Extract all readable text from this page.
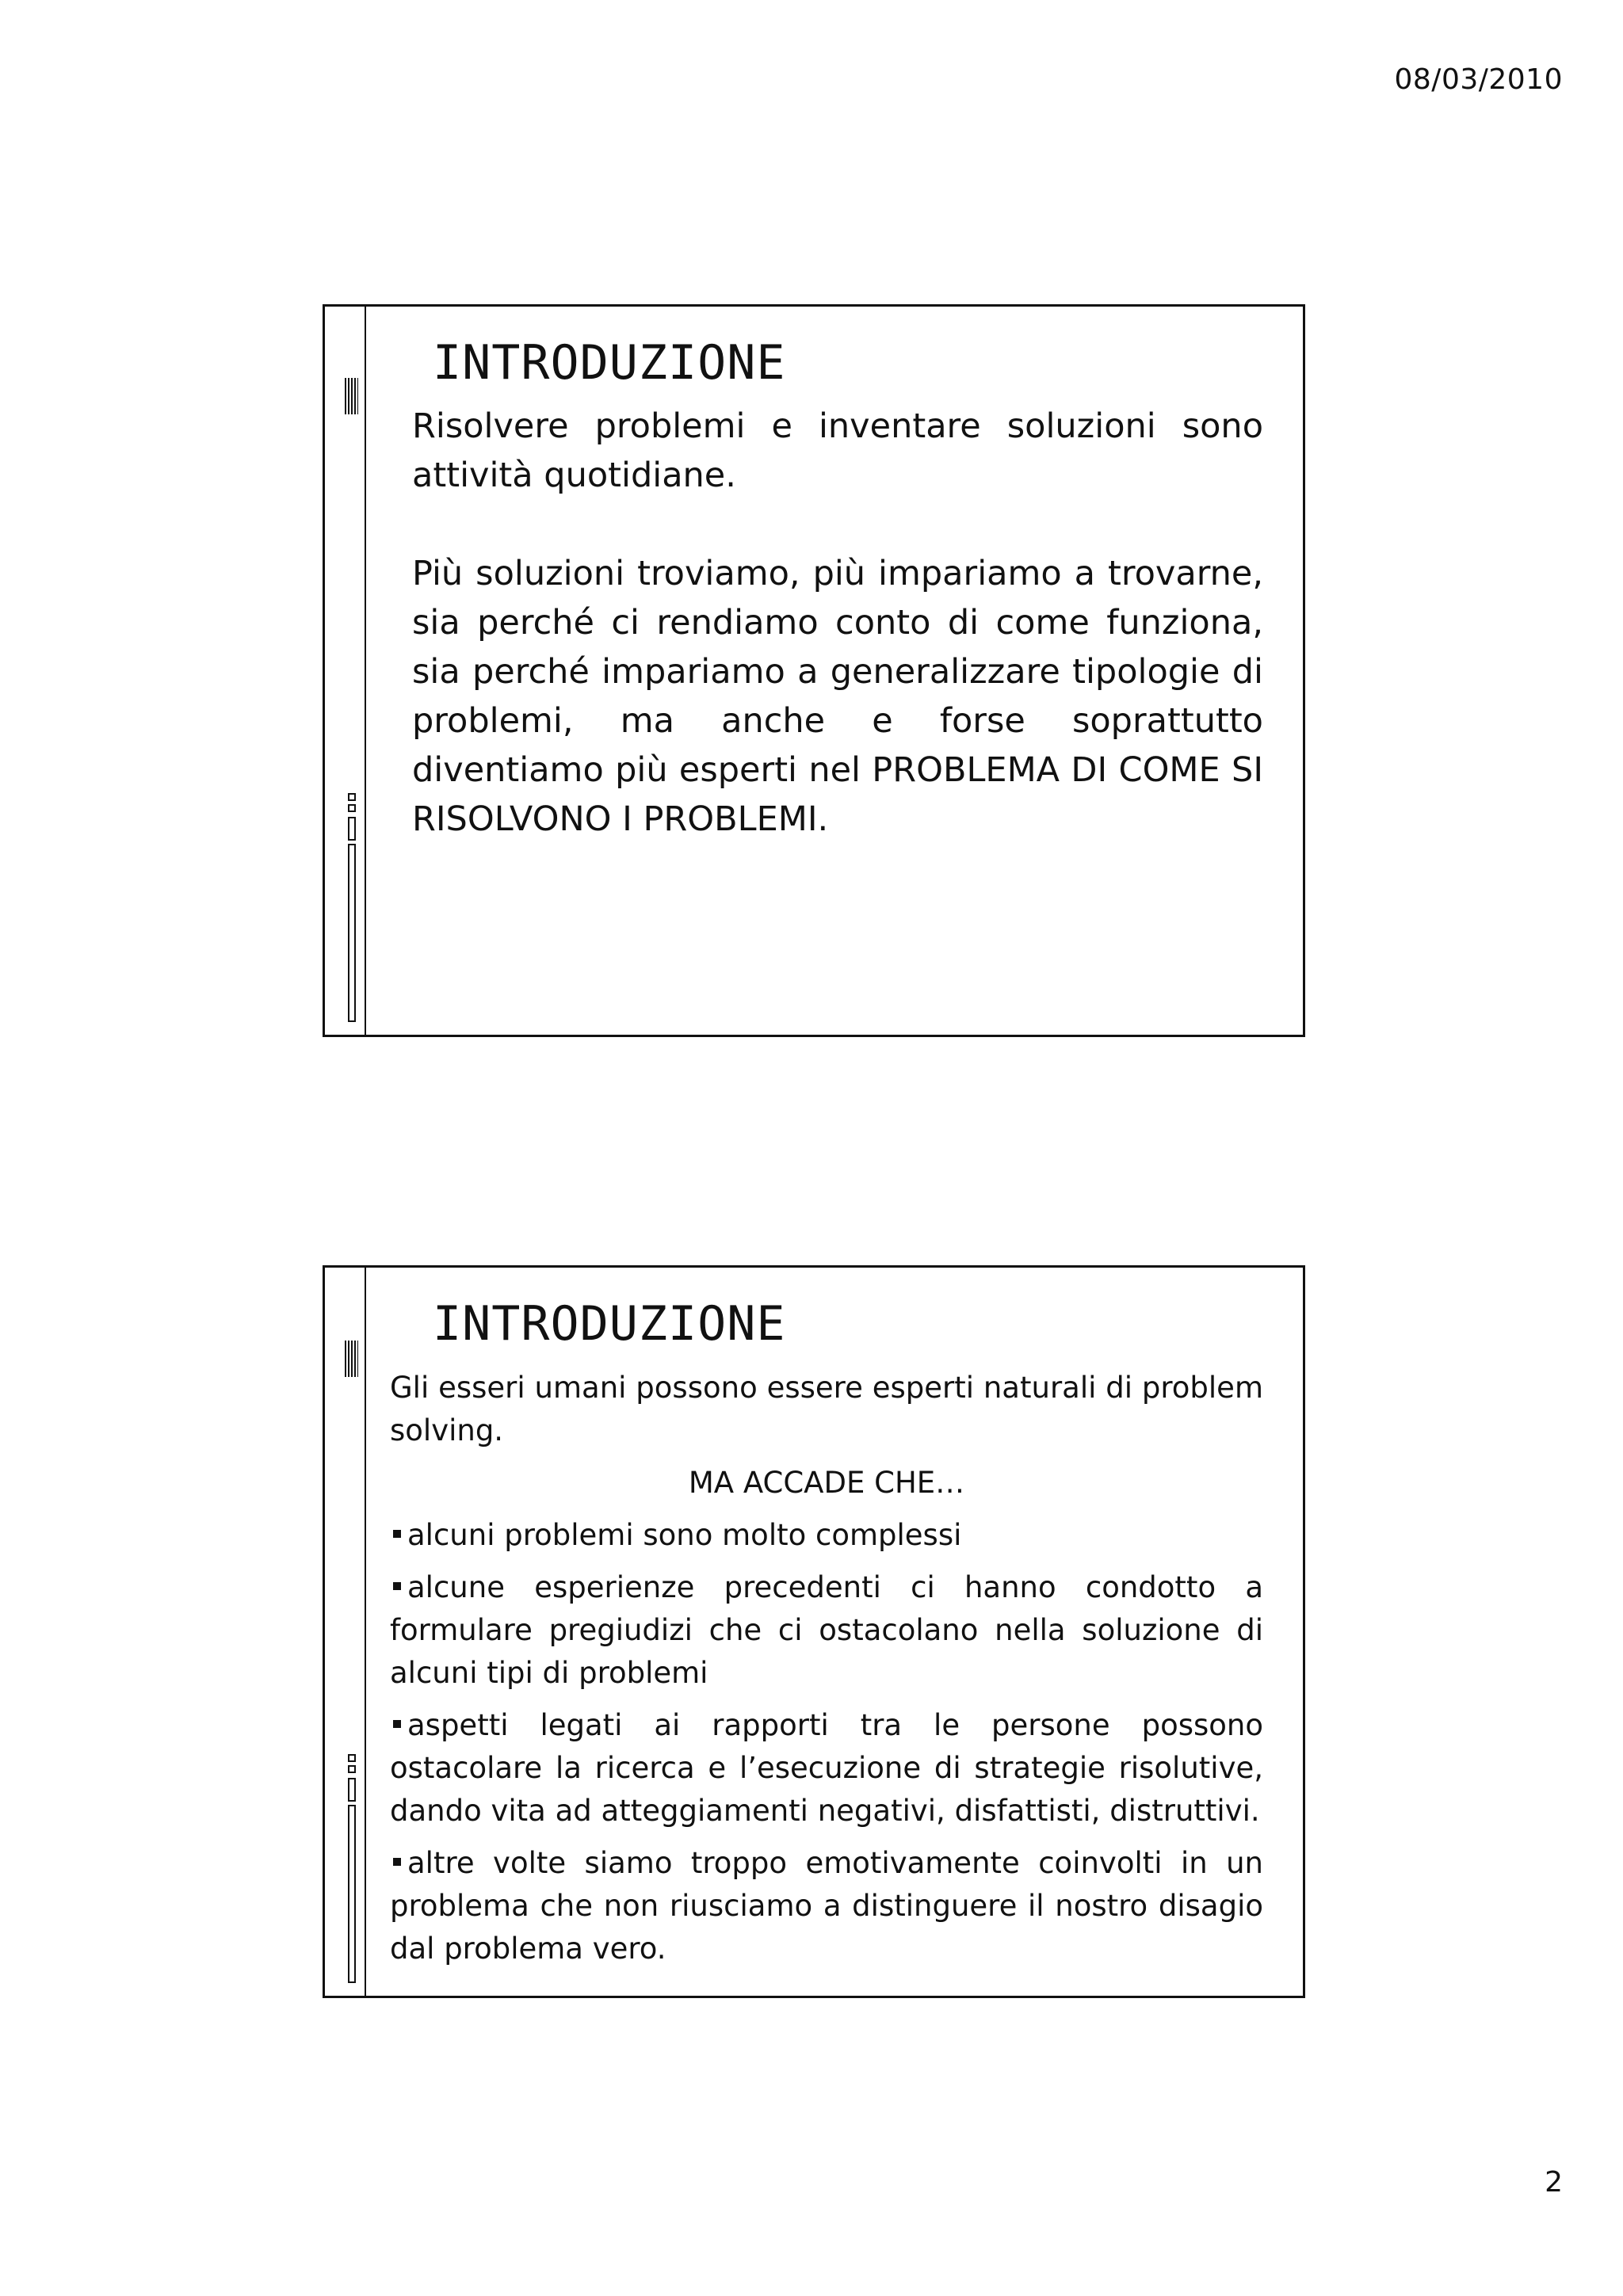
08/03/2010
INTRODUZIONE

Risolvere problemi e inventare soluzioni sono attività quotidiane.

Più soluzioni troviamo, più impariamo a trovarne, sia perché ci rendiamo conto di come funziona, sia perché impariamo a generalizzare tipologie di problemi, ma anche e forse soprattutto diventiamo più esperti nel PROBLEMA DI COME SI RISOLVONO I PROBLEMI.

INTRODUZIONE

Gli esseri umani possono essere esperti naturali di problem solving.

MA ACCADE CHE…

alcuni problemi sono molto complessi

alcune esperienze precedenti ci hanno condotto a formulare pregiudizi che ci ostacolano nella soluzione di alcuni tipi di problemi

aspetti legati ai rapporti tra le persone possono ostacolare la ricerca e l’esecuzione di strategie risolutive, dando vita ad atteggiamenti negativi, disfattisti, distruttivi.

altre volte siamo troppo emotivamente coinvolti in un problema che non riusciamo a distinguere il nostro disagio dal problema vero.

2
